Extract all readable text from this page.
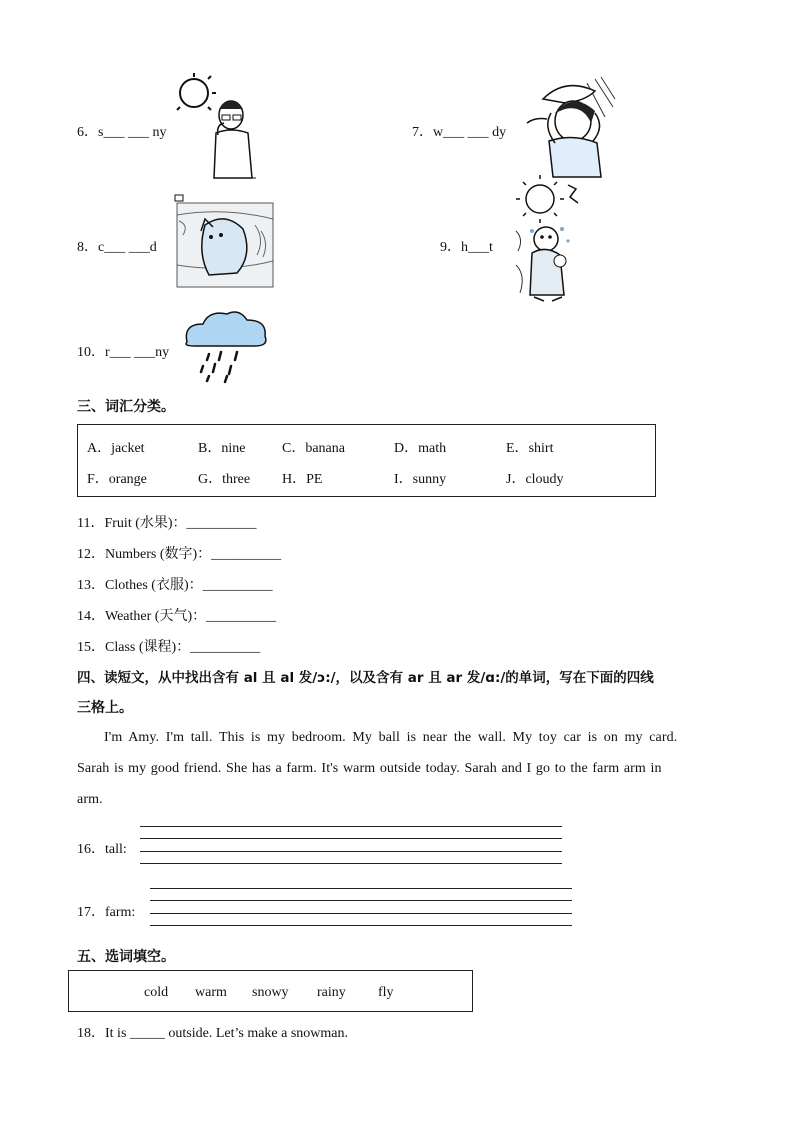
6．s___ ___ ny	7．w___ ___ dy
8．c___ ___d	9．h___t
10．r___ ___ny
三、词汇分类。
A．jacket	B．nine	C．banana	D．math	E．shirt
F．orange	G．three H．PE	I．sunny	J．cloudy
11．Fruit (水果)：__________
12．Numbers (数字)：__________
13．Clothes (衣服)：__________
14．Weather (天气)：__________
15．Class (课程)：__________
四、读短文，从中找出含有 al 且 al 发/ɔ:/，以及含有 ar 且 ar 发/ɑ:/的单词，写在下面的四线
三格上。
I'm Amy. I'm tall. This is my bedroom. My ball is near the wall. My toy car is on my card.
Sarah is my good friend. She has a farm. It's warm outside today. Sarah and I go to the farm arm in
arm.
16．tall:
17．farm:
五、选词填空。
cold warm snowy rainy fly
18．It is _____ outside. Let’s make a snowman.
